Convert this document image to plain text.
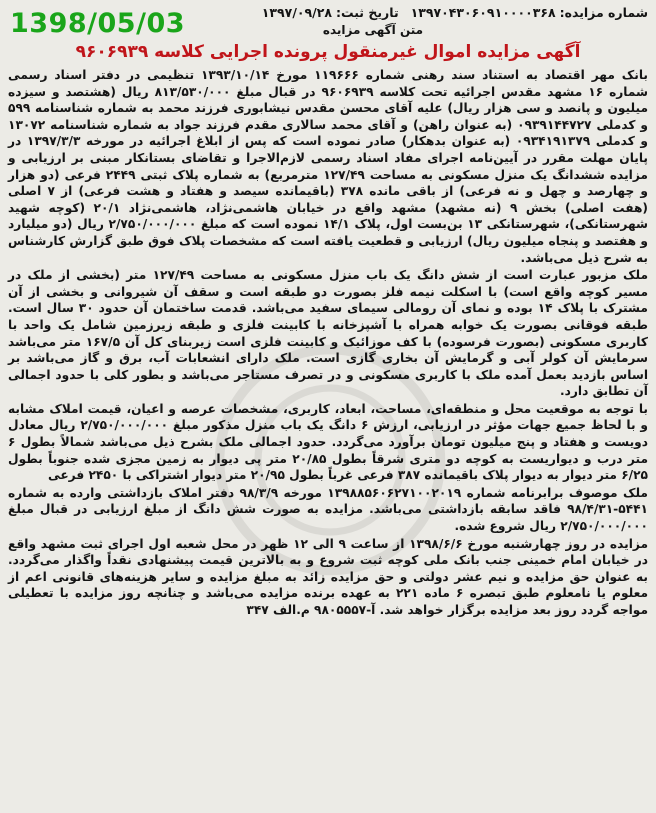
1398/05/03	شماره مزایده:۱۳۹۷۰۴۳۰۶۰۹۱۰۰۰۰۳۶۸تاریخ ثبت:۱۳۹۷/۰۹/۲۸
متن آگهی مزایده
آگهی مزایده اموال غیرمنقول پرونده اجرایی کلاسه ۹۶۰۶۹۳۹

بانک مهر اقتصاد به استناد سند رهنی شماره ۱۱۹۶۶۶ مورخ ۱۳۹۳/۱۰/۱۴ تنظیمی در دفتر اسناد رسمی شماره ۱۶ مشهد مقدس اجرائیه تحت کلاسه ۹۶۰۶۹۳۹ در قبال مبلغ ۸۱۳/۵۳۰/۰۰۰ ریال (هشتصد و سیزده میلیون و پانصد و سی هزار ریال) علیه آقای محسن مقدس نیشابوری فرزند محمد به شماره شناسنامه ۵۹۹ و کدملی ۰۹۳۹۱۴۴۷۲۷ (به عنوان راهن) و آقای محمد سالاری مقدم فرزند جواد به شماره شناسنامه ۱۳۰۷۲ و کدملی ۰۹۳۴۱۹۱۳۷۹ (به عنوان بدهکار) صادر نموده است که پس از ابلاغ اجرائیه در مورخه ۱۳۹۷/۳/۳ در پایان مهلت مقرر در آیین‌نامه اجرای مفاد اسناد رسمی لازم‌الاجرا و تقاضای بستانکار مبنی بر ارزیابی و مزایده ششدانگ یک منزل مسکونی به مساحت ۱۲۷/۴۹ مترمربع) به شماره پلاک ثبتی ۲۴۴۹ فرعی (دو هزار و چهارصد و چهل و نه فرعی) از باقی مانده ۳۷۸ (باقیمانده سیصد و هفتاد و هشت فرعی) از ۷ اصلی (هفت اصلی) بخش ۹ (نه مشهد) مشهد واقع در خیابان هاشمی‌نژاد، هاشمی‌نژاد ۲۰/۱ (کوچه شهید شهرستانکی)، شهرستانکی ۱۳ بن‌بست اول، پلاک ۱۴/۱ نموده است که مبلغ ۲/۷۵۰/۰۰۰/۰۰۰ ریال (دو میلیارد و هفتصد و پنجاه میلیون ریال) ارزیابی و قطعیت یافته است که مشخصات پلاک فوق طبق گزارش کارشناس به شرح ذیل می‌باشد.

ملک مزبور عبارت است از شش دانگ یک باب منزل مسکونی به مساحت ۱۲۷/۴۹ متر (بخشی از ملک در مسیر کوچه واقع است) با اسکلت نیمه فلز بصورت دو طبقه است و سقف آن شیروانی و بخشی از آن مشترک با پلاک ۱۴ بوده و نمای آن رومالی سیمای سفید می‌باشد. قدمت ساختمان آن حدود ۳۰ سال است. طبقه فوقانی بصورت یک خوابه همراه با آشپزخانه با کابینت فلزی و طبقه زیرزمین شامل یک واحد با کاربری مسکونی (بصورت فرسوده) با کف موزائیک و کابینت فلزی است زیربنای کل آن ۱۶۷/۵ متر می‌باشد سرمایش آن کولر آبی و گرمایش آن بخاری گازی است. ملک دارای انشعابات آب، برق و گاز می‌باشد بر اساس بازدید بعمل آمده ملک با کاربری مسکونی و در تصرف مستاجر می‌باشد و بطور کلی با حدود اجمالی آن تطابق دارد.

با توجه به موقعیت محل و منطقه‌ای، مساحت، ابعاد، کاربری، مشخصات عرصه و اعیان، قیمت املاک مشابه و با لحاظ جمیع جهات مؤثر در ارزیابی، ارزش ۶ دانگ یک باب منزل مذکور مبلغ ۲/۷۵۰/۰۰۰/۰۰۰ ریال معادل دویست و هفتاد و پنج میلیون تومان برآورد می‌گردد. حدود اجمالی ملک بشرح ذیل می‌باشد شمالاً بطول ۶ متر درب و دیواریست به کوچه دو متری شرقاً بطول ۲۰/۸۵ متر پی دیوار به زمین مجزی شده جنوباً بطول ۶/۲۵ متر دیوار به دیوار پلاک باقیمانده ۳۸۷ فرعی غرباً بطول ۲۰/۹۵ متر دیوار اشتراکی با ۲۴۵۰ فرعی

ملک موصوف برابرنامه شماره ۱۳۹۸۸۵۶۰۶۲۷۱۰۰۲۰۱۹ مورخه ۹۸/۳/۹ دفتر املاک بازداشتی وارده به شماره ۵۴۴۱-۹۸/۴/۳۱ فاقد سابقه بازداشتی می‌باشد. مزایده به صورت شش دانگ از مبلغ ارزیابی در قبال مبلغ ۲/۷۵۰/۰۰۰/۰۰۰ ریال شروع شده.

مزایده در روز چهارشنبه مورخ ۱۳۹۸/۶/۶ از ساعت ۹ الی ۱۲ ظهر در محل شعبه اول اجرای ثبت مشهد واقع در خیابان امام خمینی جنب بانک ملی کوچه ثبت شروع و به بالاترین قیمت پیشنهادی نقداً واگذار می‌گردد. به عنوان حق مزایده و نیم عشر دولتی و حق مزایده زائد به مبلغ مزایده و سایر هزینه‌های قانونی اعم از معلوم یا نامعلوم طبق تبصره ۶ ماده ۲۲۱ به عهده برنده مزایده می‌باشد و چنانچه روز مزایده با تعطیلی مواجه گردد روز بعد مزایده برگزار خواهد شد. آ-۹۸۰۵۵۵۷ م.الف ۳۴۷
